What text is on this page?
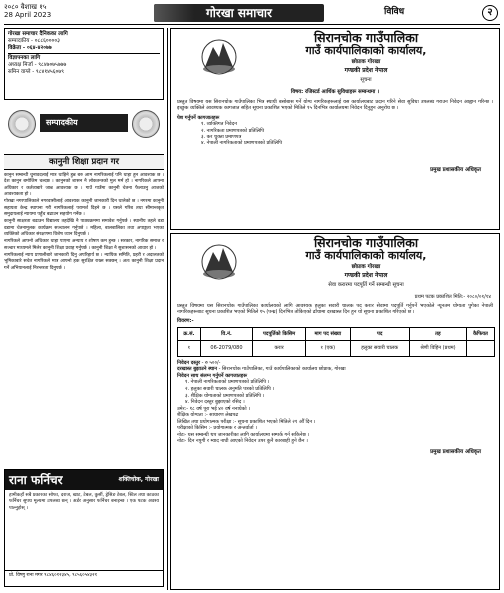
२०८० वैशाख १५
28 April 2023	गोरखा समाचार	विविध	२
गोरखा समाचार दैनिकका लागि
सम्पादकीय - ०८८६००००३
विक्रेता - ०६४-४२०७७
विज्ञापनका लागि
अध्यक्ष मिर्जा - ९८४७०७५७७७
समिन वाग्ले - ९८४१४५६०७९
सम्पादकीय
कानुनी शिक्षा प्रदान गर

कानुन सम्बन्धी चुनावदलाई मात्र थाहिने हुन्न बरु आम नागरिकलाई पनि थाहा हुन आवश्यक छ । देश कानुन बमोजिम चल्दछ । कानुनको शासन नै लोकतन्त्रको मुल मर्म हो । नागरिकले आफ्ना अधिकार र कर्तव्यबारे जान्न आवश्यक छ । गाउँ गाउँमा कानुनी चेतना फैलाउनु आजको आवश्यकता हो ।

गोरखा नगरपालिकाले नगरवासीलाई आवश्यक कानुनी जानकारी दिन थालेको छ । नगरमा कानुनी सहायता केन्द्र स्थापना गरी नागरिकलाई परामर्श दिइने छ । यसले गरिब तथा सीमान्तकृत समुदायलाई न्यायमा पहुँच बढाउन सहयोग गर्नेछ ।

कानुनी साक्षरता बढाउन विद्यालय तहदेखि नै पाठ्यक्रममा समावेश गर्नुपर्छ । स्थानीय तहले वडा वडामा चेतनामूलक कार्यक्रम सञ्चालन गर्नुपर्छ । महिला, बालबालिका तथा अपाङ्गता भएका व्यक्तिको अधिकार संरक्षणमा विशेष ध्यान दिनुपर्छ ।

नागरिकले आफ्नो अधिकार थाहा पाएमा अन्याय र शोषण कम हुन्छ । सरकार, नागरिक समाज र सञ्चार माध्यमले मिलेर कानुनी शिक्षा प्रवाह गर्नुपर्छ । कानुनी शिक्षा नै सुशासनको आधार हो ।

नागरिकलाई न्याय प्रणालीबारे जानकारी दिनु अपरिहार्य छ । न्यायिक समिति, प्रहरी र अदालतको भूमिकाबारे सचेत नागरिकले मात्र आफ्नो हक सुरक्षित राख्न सक्छन् । अतः कानुनी शिक्षा प्रदान गर्ने अभियानलाई निरन्तरता दिनुपर्छ ।

राना फर्निचर	शक्तिचोक, गोरखा
हामीकहाँ सबै प्रकारका सोफा, दराज, खाट, टेबल, कुर्सी, ड्रेसिङ टेबल, स्टिल तथा काठका फर्निचर सुपथ मूल्यमा उपलब्ध छन् । अर्डर अनुसार फर्निचर बनाइन्छ । एक पटक अवश्य पाल्नुहोस् ।
प्रो. विष्णु राना मगर ९८४६०१२३४५, ९८५६०५४३२१
सिरानचोक गाउँपालिका
गाउँ कार्यपालिकाको कार्यालय,
छोप्राक गोरखा
गण्डकी प्रदेश नेपाल
सूचना
विषय: रजिस्टर्ड आर्थिक सुविधाहरू सम्बन्धमा ।
प्रस्तुत विषयमा यस सिरानचोक गाउँपालिका भित्र स्थायी बसोबास गर्ने योग्य नागरिकहरूलाई यस कार्यालयबाट प्रदान गरिने सेवा सुविधा उपलब्ध गराउन निवेदन आह्वान गरिन्छ । इच्छुक व्यक्तिले आवश्यक कागजात सहित सूचना प्रकाशित भएको मितिले १५ दिनभित्र कार्यालयमा निवेदन दिनुहुन अनुरोध छ ।
पेश गर्नुपर्ने कागजातहरू
१. व्यक्तिगत निवेदन
२. नागरिकता प्रमाणपत्रको प्रतिलिपि
३. कर चुक्ता प्रमाणपत्र
४. नेपाली नागरिकताको प्रमाणपत्रको प्रतिलिपि
प्रमुख प्रशासकीय अधिकृत
सिरानचोक गाउँपालिका
गाउँ कार्यपालिकाको कार्यालय,
छोप्राक गोरखा
गण्डकी प्रदेश नेपाल
सेवा करारमा पदपूर्ति गर्ने सम्बन्धी सूचना
प्रथम पटक प्रकाशित मिति:- २०८०/०१/१४
प्रस्तुत विषयमा यस सिरानचोक गाउँपालिका कार्यालयको लागि आवश्यक हलुका सवारी चालक पद करार सेवामा पदपूर्ति गर्नुपर्ने भएकोले न्यूनतम योग्यता पुगेका नेपाली नागरिकहरूबाट सूचना प्रकाशित भएको मितिले १५ (पन्ध्र) दिनभित्र तोकिएको ढाँचामा दरखास्त दिन हुन यो सूचना प्रकाशित गरिएको छ ।
विवरण:-
क्र.सं.	वि.नं.	पदपूर्तिको किसिम	माग पद संख्या	पद	तह	कैफियत
१	06-2079/080	करार	१ (एक)	हलुका सवारी चालक	श्रेणी विहिन (प्रथम)	
निवेदन दस्तुर - रु ५००/-
दरखास्त बुझाउने स्थान - सिरानचोक गाउँपालिका, गाउँ कार्यपालिकाको कार्यालय छोप्राक, गोरखा
निवेदन साथ संलग्न गर्नुपर्ने कागजातहरू
१. नेपाली नागरिकताको प्रमाणपत्रको प्रतिलिपि ।
२. हलुका सवारी चालक अनुमति पत्रको प्रतिलिपि ।
३. शैक्षिक योग्यताको प्रमाणपत्रको प्रतिलिपि ।
४. निवेदन दस्तुर बुझाएको रसिद ।
उमेर:- १८ वर्ष पूरा भई ४० वर्ष ननाघेको ।
शैक्षिक योग्यता :- साधारण लेखपढ
लिखित तथा प्रयोगात्मक परीक्षा :- सूचना प्रकाशित भएको मितिले २१ औँ दिन ।
परीक्षाको किसिम :- प्रयोगात्मक र अन्तर्वार्ता ।
नोटः- यस सम्बन्धी थप जानकारीका लागि कार्यालयमा सम्पर्क गर्न सकिनेछ ।
नोटः- दिन नपुगी र म्याद नाघी आएको निवेदन उपर कुनै कारबाही हुने छैन ।
प्रमुख प्रशासकीय अधिकृत
